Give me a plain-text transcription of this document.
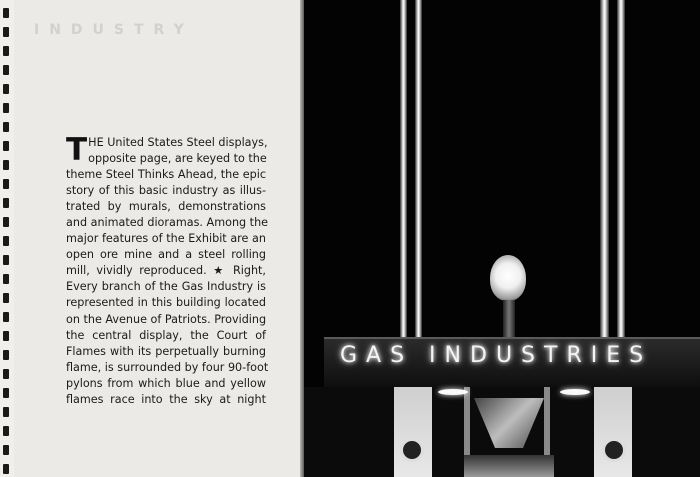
INDUSTRY
T HE United States Steel displays,
opposite page, are keyed to the
theme Steel Thinks Ahead, the epic
story of this basic industry as illus-
trated by murals, demonstrations
and animated dioramas. Among the
major features of the Exhibit are an
open ore mine and a steel rolling
mill, vividly reproduced. ★ Right,
Every branch of the Gas Industry is
represented in this building located
on the Avenue of Patriots. Providing
the central display, the Court of
Flames with its perpetually burning
flame, is surrounded by four 90-foot
pylons from which blue and yellow
flames race into the sky at night
GAS INDUSTRIES
